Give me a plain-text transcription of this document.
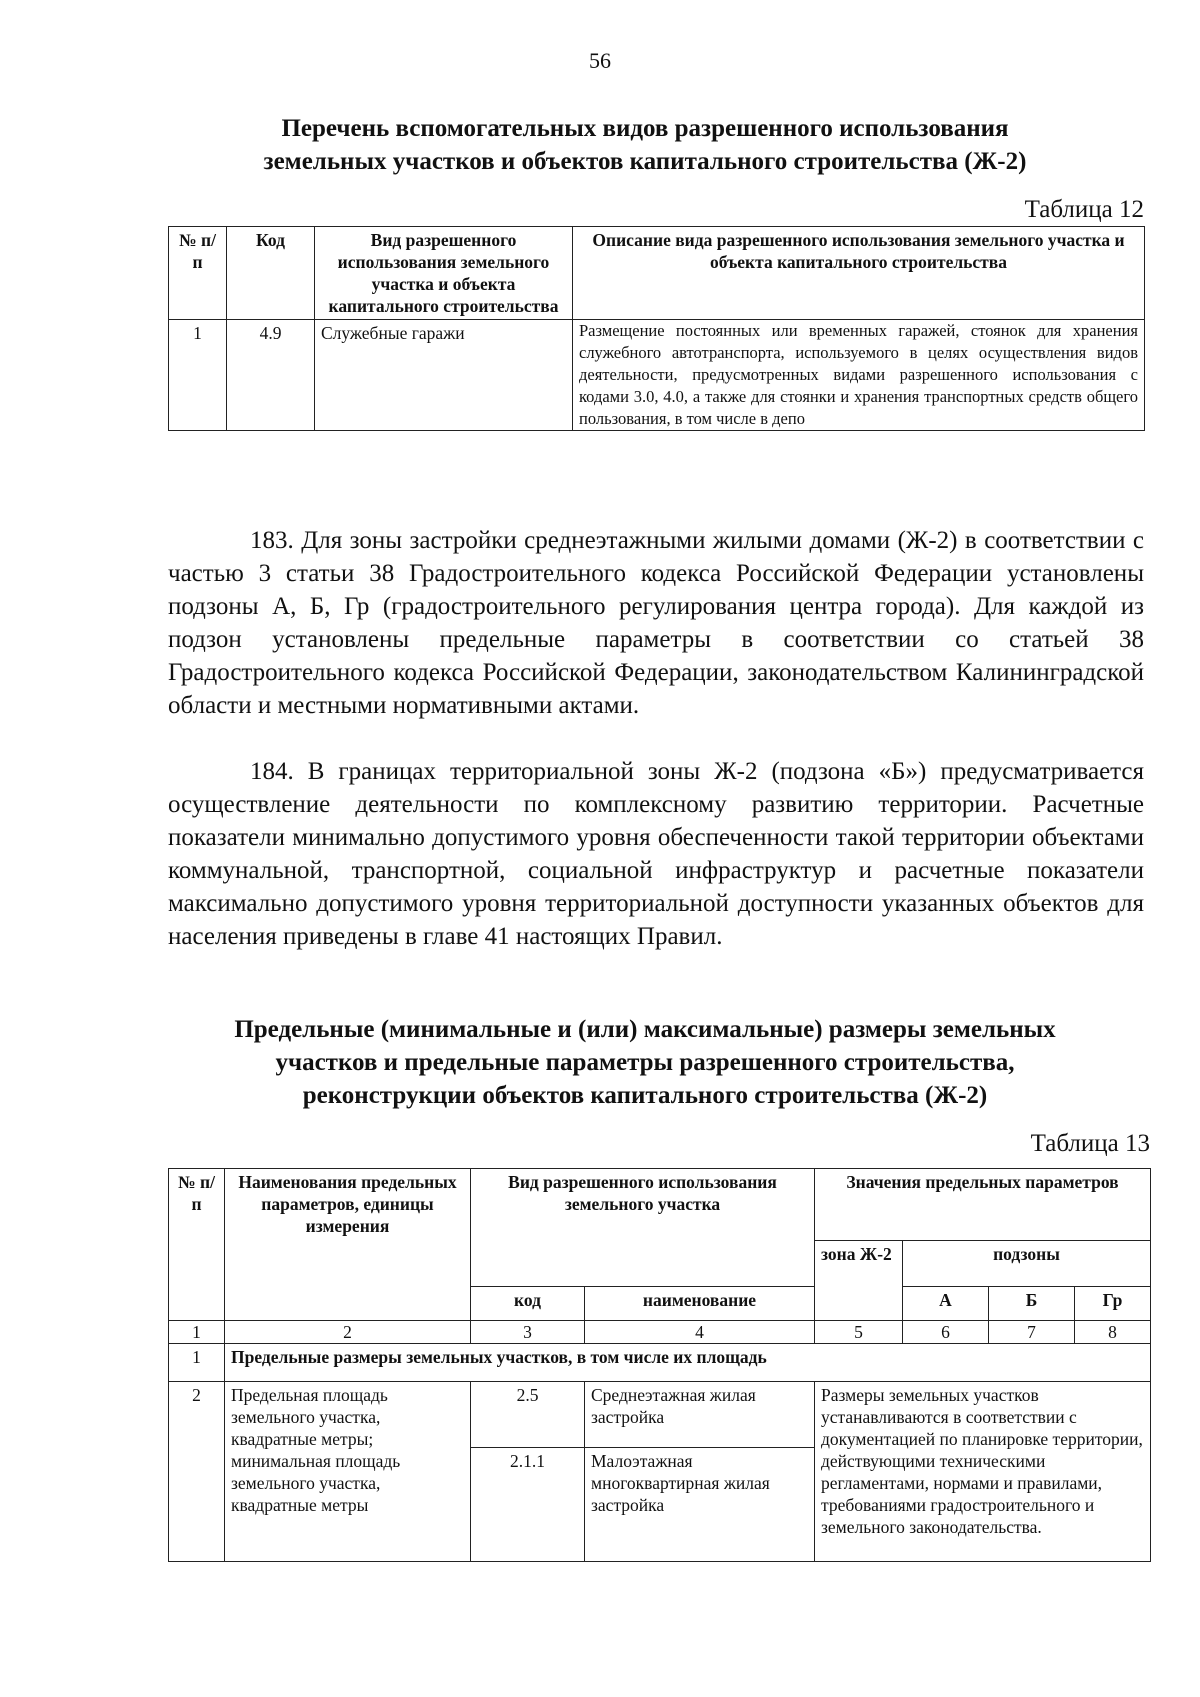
56
Перечень вспомогательных видов разрешенного использования
земельных участков и объектов капитального строительства (Ж-2)
Таблица 12
№ п/п	Код	Вид разрешенного использования земельного участка и объекта капитального строительства	Описание вида разрешенного использования земельного участка и объекта капитального строительства
1	4.9	Служебные гаражи	Размещение постоянных или временных гаражей, стоянок для хранения служебного автотранспорта, используемого в целях осуществления видов деятельности, предусмотренных видами разрешенного использования с кодами 3.0, 4.0, а также для стоянки и хранения транспортных средств общего пользования, в том числе в депо

183. Для зоны застройки среднеэтажными жилыми домами (Ж-2) в соответствии с частью 3 статьи 38 Градостроительного кодекса Российской Федерации установлены подзоны А, Б, Гр (градостроительного регулирования центра города). Для каждой из подзон установлены предельные параметры в соответствии со статьей 38 Градостроительного кодекса Российской Федерации, законодательством Калининградской области и местными нормативными актами.

184. В границах территориальной зоны Ж-2 (подзона «Б») предусматривается осуществление деятельности по комплексному развитию территории. Расчетные показатели минимально допустимого уровня обеспеченности такой территории объектами коммунальной, транспортной, социальной инфраструктур и расчетные показатели максимально допустимого уровня территориальной доступности указанных объектов для населения приведены в главе 41 настоящих Правил.

Предельные (минимальные и (или) максимальные) размеры земельных
участков и предельные параметры разрешенного строительства,
реконструкции объектов капитального строительства (Ж-2)
Таблица 13
№ п/п	Наименования предельных параметров, единицы измерения	Вид разрешенного использования земельного участка		Значения предельных параметров			
				зона Ж-2	подзоны		
		код	наименование		А	Б	Гр
1	2	3	4	5	6	7	8
1	Предельные размеры земельных участков, в том числе их площадь						
2	Предельная площадь земельного участка, квадратные метры; минимальная площадь земельного участка, квадратные метры	2.5	Среднеэтажная жилая застройка	Размеры земельных участков устанавливаются в соответствии с документацией по планировке территории, действующими техническими регламентами, нормами и правилами, требованиями градостроительного и земельного законодательства.			
		2.1.1	Малоэтажная многоквартирная жилая застройка				
